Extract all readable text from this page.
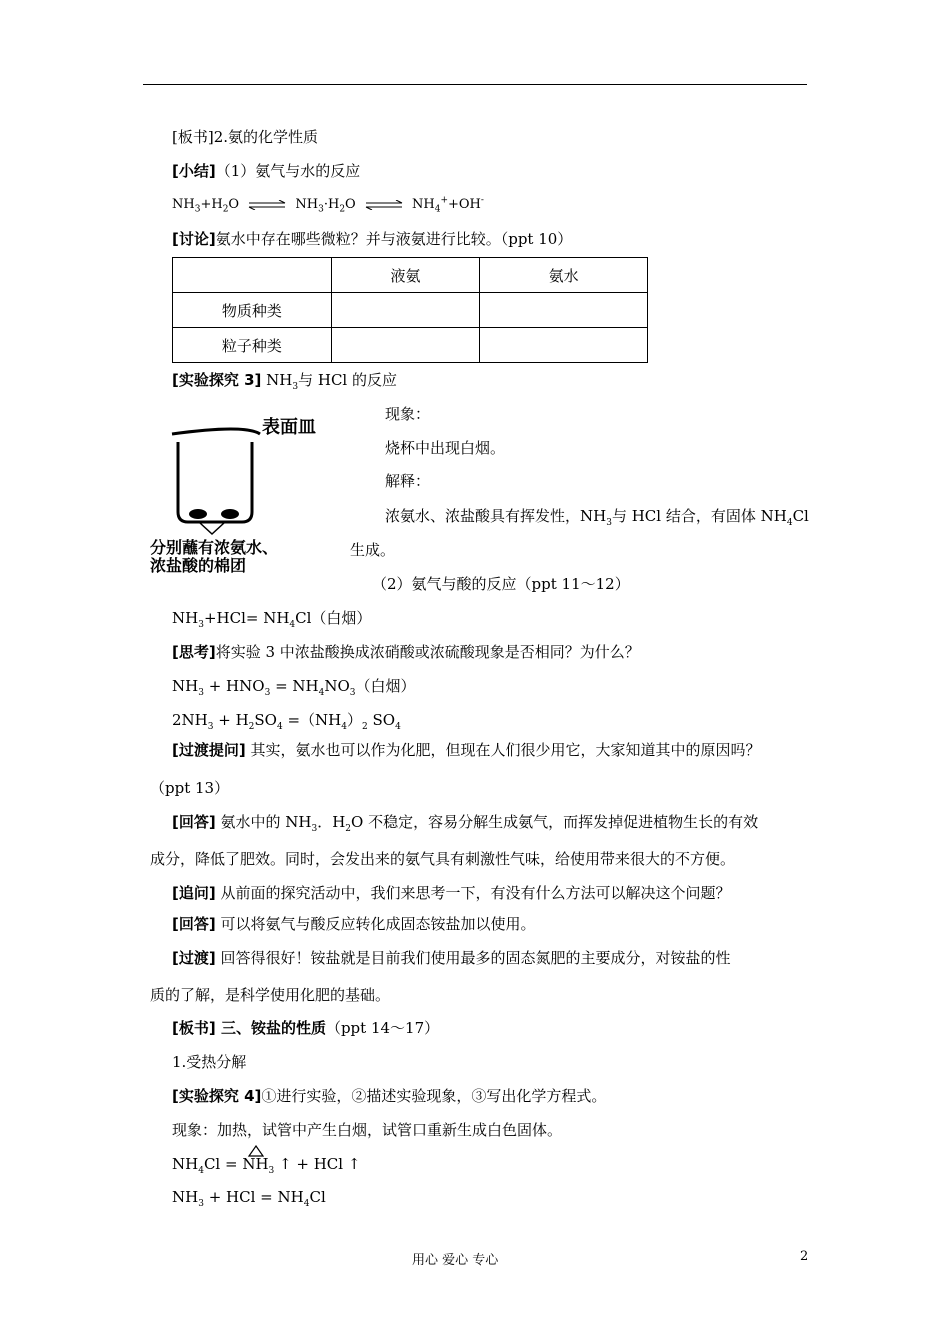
[板书]2.氨的化学性质
[小结]（1）氨气与水的反应
$NH_3+H_2O$ ⇌ $NH_3\cdot H_2O$ ⇌ $NH_4^++OH^-$
[讨论]氨水中存在哪些微粒？并与液氨进行比较。（ppt 10）
	液氨	氨水
物质种类		
粒子种类		
[实验探究 3] $NH_3$与 HCl 的反应
表面皿
分别蘸有浓氨水、
浓盐酸的棉团
现象：
烧杯中出现白烟。
解释：
浓氨水、浓盐酸具有挥发性，$NH_3$与 HCl 结合，有固体 $NH_4Cl$
生成。
（2）氨气与酸的反应（ppt 11～12）
$NH_3+HCl= NH_4Cl$（白烟）
[思考]将实验 3 中浓盐酸换成浓硝酸或浓硫酸现象是否相同？为什么？
$NH_3 + HNO_3 = NH_4NO_3$（白烟）
$2NH_3 + H_2SO_4 =(NH_4)_2$ $SO_4$
[过渡提问] 其实，氨水也可以作为化肥，但现在人们很少用它，大家知道其中的原因吗？
（ppt 13）
[回答] 氨水中的 $NH_3$．$H_2O$ 不稳定，容易分解生成氨气，而挥发掉促进植物生长的有效
成分，降低了肥效。同时，会发出来的氨气具有刺激性气味，给使用带来很大的不方便。
[追问] 从前面的探究活动中，我们来思考一下，有没有什么方法可以解决这个问题？
[回答] 可以将氨气与酸反应转化成固态铵盐加以使用。
[过渡] 回答得很好！铵盐就是目前我们使用最多的固态氮肥的主要成分，对铵盐的性
质的了解，是科学使用化肥的基础。
[板书] 三、铵盐的性质（ppt 14～17）
1.受热分解
[实验探究 4]①进行实验，②描述实验现象，③写出化学方程式。
现象：加热，试管中产生白烟，试管口重新生成白色固体。
$NH_4Cl = NH_3$ ↑ + HCl ↑
$NH_3$ + HCl = $NH_4Cl$
用心 爱心 专心	2
